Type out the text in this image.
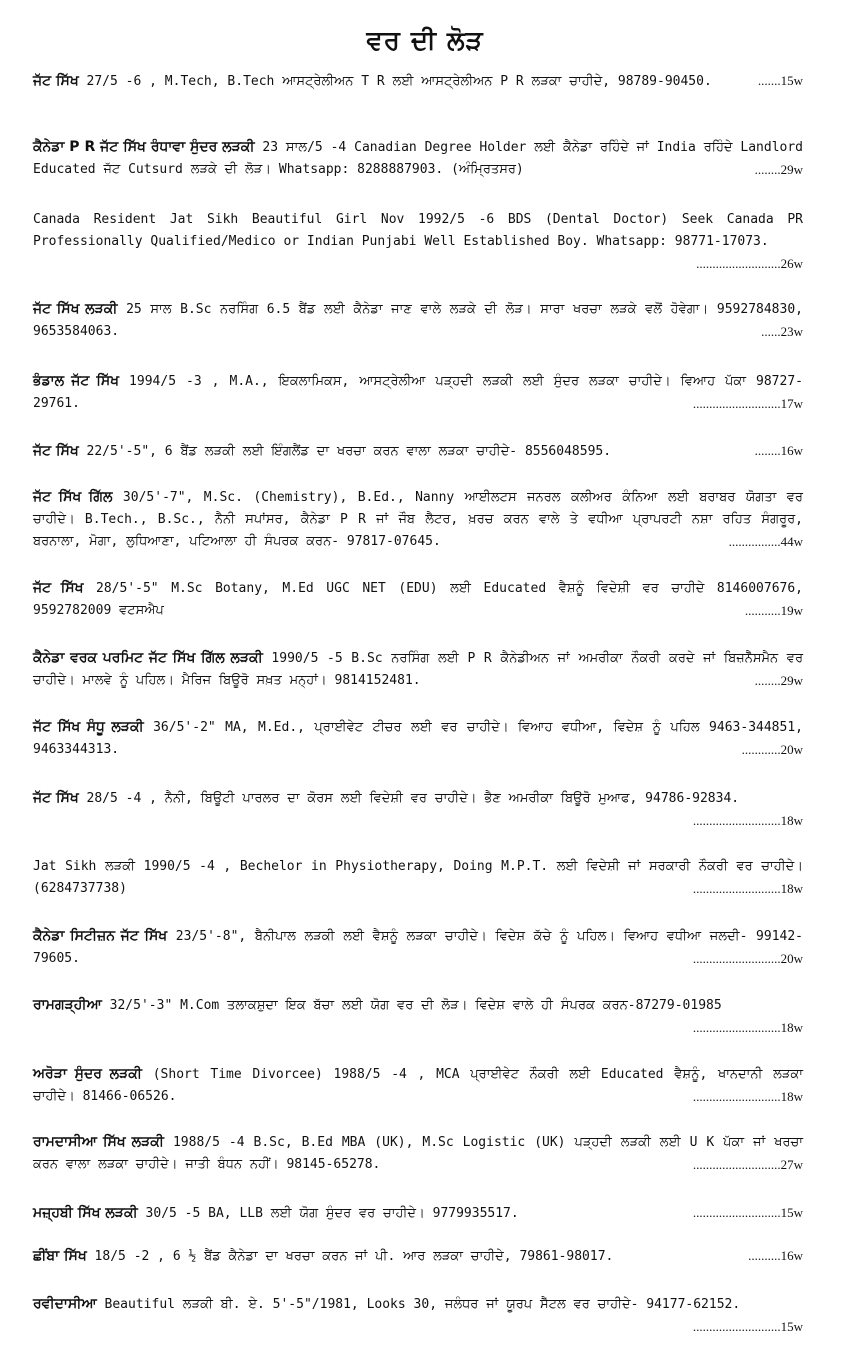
ਵਰ ਦੀ ਲੋੜ
ਜੱਟ ਸਿੱਖ 27/5 -6 , M.Tech, B.Tech ਆਸਟ੍ਰੇਲੀਅਨ T R ਲਈ ਆਸਟ੍ਰੇਲੀਅਨ P R ਲੜਕਾ ਚਾਹੀਦੇ, 98789-90450.	.......15w
ਕੈਨੇਡਾ P R ਜੱਟ ਸਿੱਖ ਰੰਧਾਵਾ ਸੁੰਦਰ ਲੜਕੀ 23 ਸਾਲ/5 -4 Canadian Degree Holder ਲਈ ਕੈਨੇਡਾ ਰਹਿੰਦੇ ਜਾਂ India ਰਹਿੰਦੇ Landlord Educated ਜੱਟ Cutsurd ਲੜਕੇ ਦੀ ਲੋੜ। Whatsapp: 8288887903. (ਅੰਮ੍ਰਿਤਸਰ)	........29w
Canada Resident Jat Sikh Beautiful Girl Nov 1992/5 -6 BDS (Dental Doctor) Seek Canada PR Professionally Qualified/Medico or Indian Punjabi Well Established Boy. Whatsapp: 98771-17073.
..........................26w
ਜੱਟ ਸਿੱਖ ਲੜਕੀ 25 ਸਾਲ B.Sc ਨਰਸਿੰਗ 6.5 ਬੈਂਡ ਲਈ ਕੈਨੇਡਾ ਜਾਣ ਵਾਲੇ ਲੜਕੇ ਦੀ ਲੋੜ। ਸਾਰਾ ਖਰਚਾ ਲੜਕੇ ਵਲੋਂ ਹੋਵੇਗਾ। 9592784830, 9653584063.	......23w
ਭੰਡਾਲ ਜੱਟ ਸਿੱਖ 1994/5 -3 , M.A., ਇਕਲਾਮਿਕਸ, ਆਸਟ੍ਰੇਲੀਆ ਪੜ੍ਹਦੀ ਲੜਕੀ ਲਈ ਸੁੰਦਰ ਲੜਕਾ ਚਾਹੀਦੇ। ਵਿਆਹ ਪੱਕਾ 98727-29761.	...........................17w
ਜੱਟ ਸਿੱਖ 22/5'-5", 6 ਬੈਂਡ ਲੜਕੀ ਲਈ ਇੰਗਲੈਂਡ ਦਾ ਖਰਚਾ ਕਰਨ ਵਾਲਾ ਲੜਕਾ ਚਾਹੀਦੇ- 8556048595.	........16w
ਜੱਟ ਸਿੱਖ ਗਿੱਲ 30/5'-7", M.Sc. (Chemistry), B.Ed., Nanny ਆਈਲਟਸ ਜਨਰਲ ਕਲੀਅਰ ਕੰਨਿਆ ਲਈ ਬਰਾਬਰ ਯੋਗਤਾ ਵਰ ਚਾਹੀਦੇ। B.Tech., B.Sc., ਨੈਨੀ ਸਪਾਂਸਰ, ਕੈਨੇਡਾ P R ਜਾਂ ਜੌਬ ਲੈਟਰ, ਖ਼ਰਚ ਕਰਨ ਵਾਲੇ ਤੇ ਵਧੀਆ ਪ੍ਰਾਪਰਟੀ ਨਸ਼ਾ ਰਹਿਤ ਸੰਗਰੂਰ, ਬਰਨਾਲਾ, ਮੋਗਾ, ਲੁਧਿਆਣਾ, ਪਟਿਆਲਾ ਹੀ ਸੰਪਰਕ ਕਰਨ- 97817-07645.	................44w
ਜੱਟ ਸਿੱਖ 28/5'-5" M.Sc Botany, M.Ed UGC NET (EDU) ਲਈ Educated ਵੈਸ਼ਨੂੰ ਵਿਦੇਸ਼ੀ ਵਰ ਚਾਹੀਦੇ 8146007676, 9592782009 ਵਟਸਐਪ	...........19w
ਕੈਨੇਡਾ ਵਰਕ ਪਰਮਿਟ ਜੱਟ ਸਿੱਖ ਗਿੱਲ ਲੜਕੀ 1990/5 -5 B.Sc ਨਰਸਿੰਗ ਲਈ P R ਕੈਨੇਡੀਅਨ ਜਾਂ ਅਮਰੀਕਾ ਨੌਕਰੀ ਕਰਦੇ ਜਾਂ ਬਿਜ਼ਨੈੱਸਮੈਨ ਵਰ ਚਾਹੀਦੇ। ਮਾਲਵੇ ਨੂੰ ਪਹਿਲ। ਮੈਰਿਜ ਬਿਊਰੋ ਸਖ਼ਤ ਮਨ੍ਹਾਂ। 9814152481.	........29w
ਜੱਟ ਸਿੱਖ ਸੰਧੂ ਲੜਕੀ 36/5'-2" MA, M.Ed., ਪ੍ਰਾਈਵੇਟ ਟੀਚਰ ਲਈ ਵਰ ਚਾਹੀਦੇ। ਵਿਆਹ ਵਧੀਆ, ਵਿਦੇਸ਼ ਨੂੰ ਪਹਿਲ 9463-344851, 9463344313.	............20w
ਜੱਟ ਸਿੱਖ 28/5 -4 , ਨੈਨੀ, ਬਿਊਟੀ ਪਾਰਲਰ ਦਾ ਕੋਰਸ ਲਈ ਵਿਦੇਸ਼ੀ ਵਰ ਚਾਹੀਦੇ। ਭੈਣ ਅਮਰੀਕਾ ਬਿਊਰੋ ਮੁਆਫ, 94786-92834.
...........................18w
Jat Sikh ਲੜਕੀ 1990/5 -4 , Bechelor in Physiotherapy, Doing M.P.T. ਲਈ ਵਿਦੇਸ਼ੀ ਜਾਂ ਸਰਕਾਰੀ ਨੌਕਰੀ ਵਰ ਚਾਹੀਦੇ। (6284737738)	...........................18w
ਕੈਨੇਡਾ ਸਿਟੀਜ਼ਨ ਜੱਟ ਸਿੱਖ 23/5'-8", ਬੈਨੀਪਾਲ ਲੜਕੀ ਲਈ ਵੈਸ਼ਨੂੰ ਲੜਕਾ ਚਾਹੀਦੇ। ਵਿਦੇਸ਼ ਕੱਚੇ ਨੂੰ ਪਹਿਲ। ਵਿਆਹ ਵਧੀਆ ਜਲਦੀ- 99142-79605.	...........................20w
ਰਾਮਗੜ੍ਹੀਆ 32/5'-3" M.Com ਤਲਾਕਸ਼ੁਦਾ ਇਕ ਬੱਚਾ ਲਈ ਯੋਗ ਵਰ ਦੀ ਲੋੜ। ਵਿਦੇਸ਼ ਵਾਲੇ ਹੀ ਸੰਪਰਕ ਕਰਨ-87279-01985
...........................18w
ਅਰੋੜਾ ਸੁੰਦਰ ਲੜਕੀ (Short Time Divorcee) 1988/5 -4 , MCA ਪ੍ਰਾਈਵੇਟ ਨੌਕਰੀ ਲਈ Educated ਵੈਸ਼ਨੂੰ, ਖਾਨਦਾਨੀ ਲੜਕਾ ਚਾਹੀਦੇ। 81466-06526.	...........................18w
ਰਾਮਦਾਸੀਆ ਸਿੱਖ ਲੜਕੀ 1988/5 -4 B.Sc, B.Ed MBA (UK), M.Sc Logistic (UK) ਪੜ੍ਹਦੀ ਲੜਕੀ ਲਈ U K ਪੱਕਾ ਜਾਂ ਖਰਚਾ ਕਰਨ ਵਾਲਾ ਲੜਕਾ ਚਾਹੀਦੇ। ਜਾਤੀ ਬੰਧਨ ਨਹੀਂ। 98145-65278.	...........................27w
ਮਜ਼੍ਹਬੀ ਸਿੱਖ ਲੜਕੀ 30/5 -5 BA, LLB ਲਈ ਯੋਗ ਸੁੰਦਰ ਵਰ ਚਾਹੀਦੇ। 9779935517.	...........................15w
ਛੀਂਬਾ ਸਿੱਖ 18/5 -2 , 6 ½ ਬੈਂਡ ਕੈਨੇਡਾ ਦਾ ਖਰਚਾ ਕਰਨ ਜਾਂ ਪੀ. ਆਰ ਲੜਕਾ ਚਾਹੀਦੇ, 79861-98017.	..........16w
ਰਵੀਦਾਸੀਆ Beautiful ਲੜਕੀ ਬੀ. ਏ. 5'-5"/1981, Looks 30, ਜਲੰਧਰ ਜਾਂ ਯੂਰਪ ਸੈੱਟਲ ਵਰ ਚਾਹੀਦੇ- 94177-62152.
...........................15w
